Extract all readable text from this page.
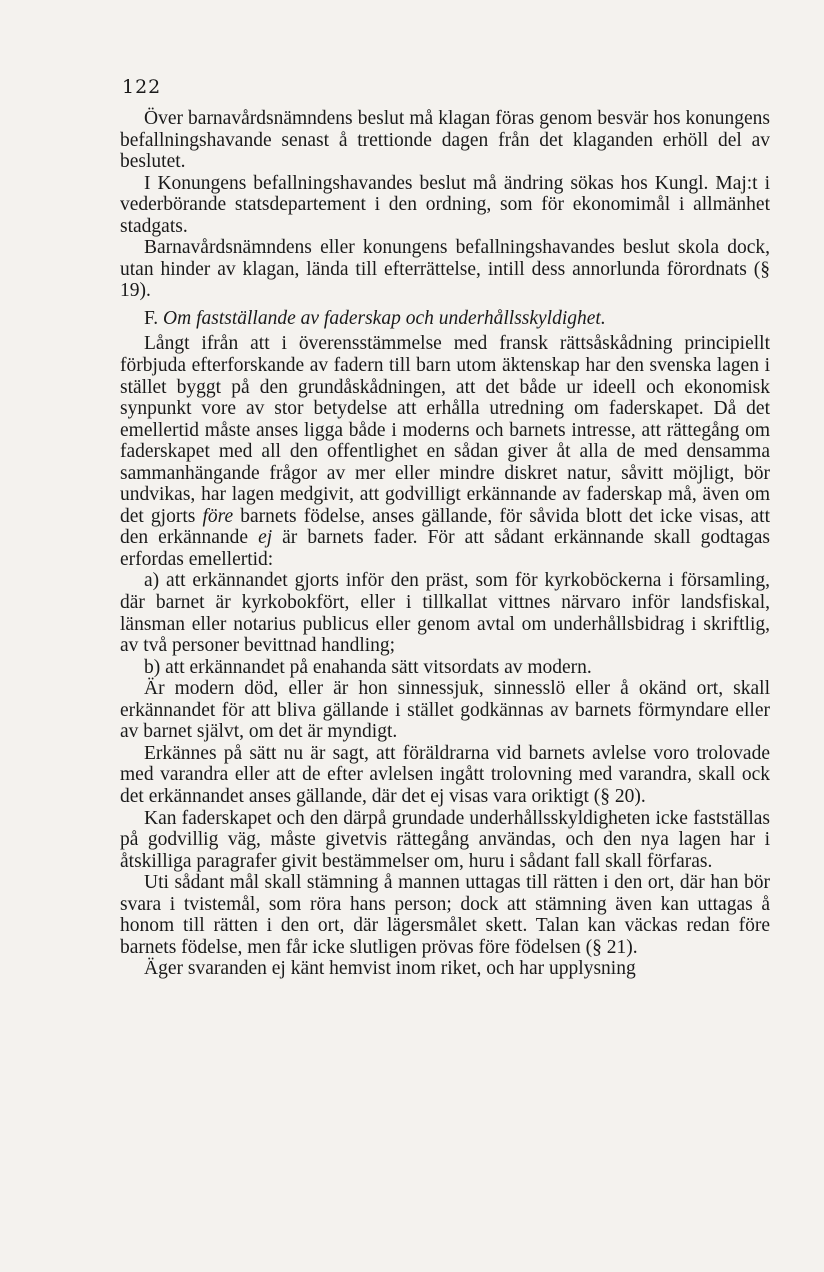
122

Över barnavårdsnämndens beslut må klagan föras genom besvär hos konungens befallningshavande senast å trettionde dagen från det klaganden erhöll del av beslutet.

I Konungens befallningshavandes beslut må ändring sökas hos Kungl. Maj:t i vederbörande statsdepartement i den ordning, som för ekonomimål i allmänhet stadgats.

Barnavårdsnämndens eller konungens befallningshavandes beslut skola dock, utan hinder av klagan, lända till efterrättelse, intill dess annorlunda förordnats (§ 19).

F. Om fastställande av faderskap och underhållsskyldighet.

Långt ifrån att i överensstämmelse med fransk rättsåskådning principiellt förbjuda efterforskande av fadern till barn utom äktenskap har den svenska lagen i stället byggt på den grundåskådningen, att det både ur ideell och ekonomisk synpunkt vore av stor betydelse att erhålla utredning om faderskapet. Då det emellertid måste anses ligga både i moderns och barnets intresse, att rättegång om faderskapet med all den offentlighet en sådan giver åt alla de med densamma sammanhängande frågor av mer eller mindre diskret natur, såvitt möjligt, bör undvikas, har lagen medgivit, att godvilligt erkännande av faderskap må, även om det gjorts före barnets födelse, anses gällande, för såvida blott det icke visas, att den erkännande ej är barnets fader. För att sådant erkännande skall godtagas erfordas emellertid:

a) att erkännandet gjorts inför den präst, som för kyrkoböckerna i församling, där barnet är kyrkobokfört, eller i tillkallat vittnes närvaro inför landsfiskal, länsman eller notarius publicus eller genom avtal om underhållsbidrag i skriftlig, av två personer bevittnad handling;

b) att erkännandet på enahanda sätt vitsordats av modern.

Är modern död, eller är hon sinnessjuk, sinnesslö eller å okänd ort, skall erkännandet för att bliva gällande i stället godkännas av barnets förmyndare eller av barnet självt, om det är myndigt.

Erkännes på sätt nu är sagt, att föräldrarna vid barnets avlelse voro trolovade med varandra eller att de efter avlelsen ingått trolovning med varandra, skall ock det erkännandet anses gällande, där det ej visas vara oriktigt (§ 20).

Kan faderskapet och den därpå grundade underhållsskyldigheten icke fastställas på godvillig väg, måste givetvis rättegång användas, och den nya lagen har i åtskilliga paragrafer givit bestämmelser om, huru i sådant fall skall förfaras.

Uti sådant mål skall stämning å mannen uttagas till rätten i den ort, där han bör svara i tvistemål, som röra hans person; dock att stämning även kan uttagas å honom till rätten i den ort, där lägersmålet skett. Talan kan väckas redan före barnets födelse, men får icke slutligen prövas före födelsen (§ 21).

Äger svaranden ej känt hemvist inom riket, och har upplysning
